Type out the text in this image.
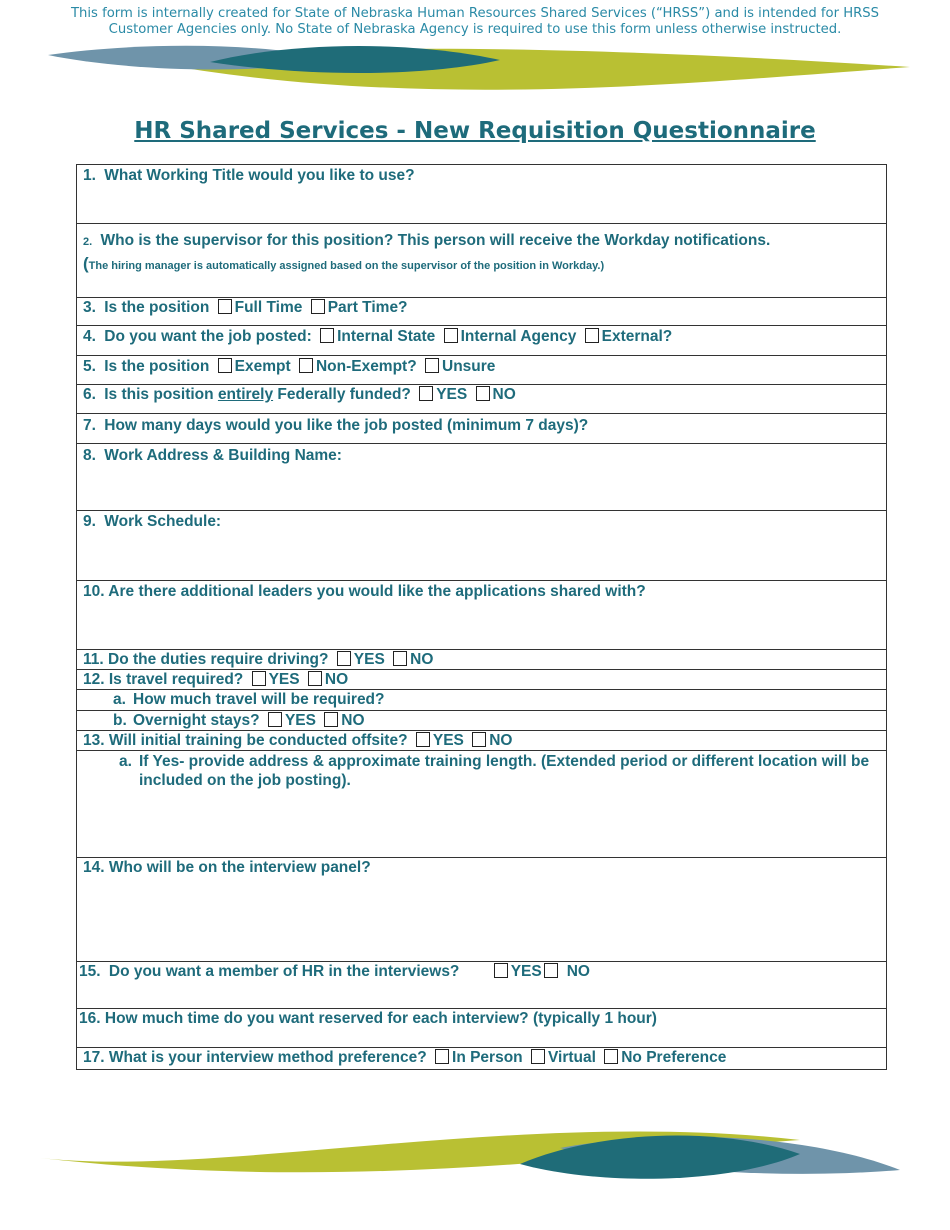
This form is internally created for State of Nebraska Human Resources Shared Services (“HRSS”) and is intended for HRSS Customer Agencies only. No State of Nebraska Agency is required to use this form unless otherwise instructed.
HR Shared Services - New Requisition Questionnaire
1. What Working Title would you like to use?
2. Who is the supervisor for this position? This person will receive the Workday notifications.
(The hiring manager is automatically assigned based on the supervisor of the position in Workday.)
3. Is the position Full Time Part Time?
4. Do you want the job posted: Internal State Internal Agency External?
5. Is the position Exempt Non-Exempt? Unsure
6. Is this position entirely Federally funded? YES NO
7. How many days would you like the job posted (minimum 7 days)?
8. Work Address & Building Name:
9. Work Schedule:
10. Are there additional leaders you would like the applications shared with?
11. Do the duties require driving? YES NO
12. Is travel required? YES NO
a. How much travel will be required?
b. Overnight stays? YES NO
13. Will initial training be conducted offsite? YES NO

a. If Yes- provide address & approximate training length. (Extended period or different location will be included on the job posting).

14. Who will be on the interview panel?
15. Do you want a member of HR in the interviews?	YES NO
16. How much time do you want reserved for each interview? (typically 1 hour)
17. What is your interview method preference? In Person Virtual No Preference
